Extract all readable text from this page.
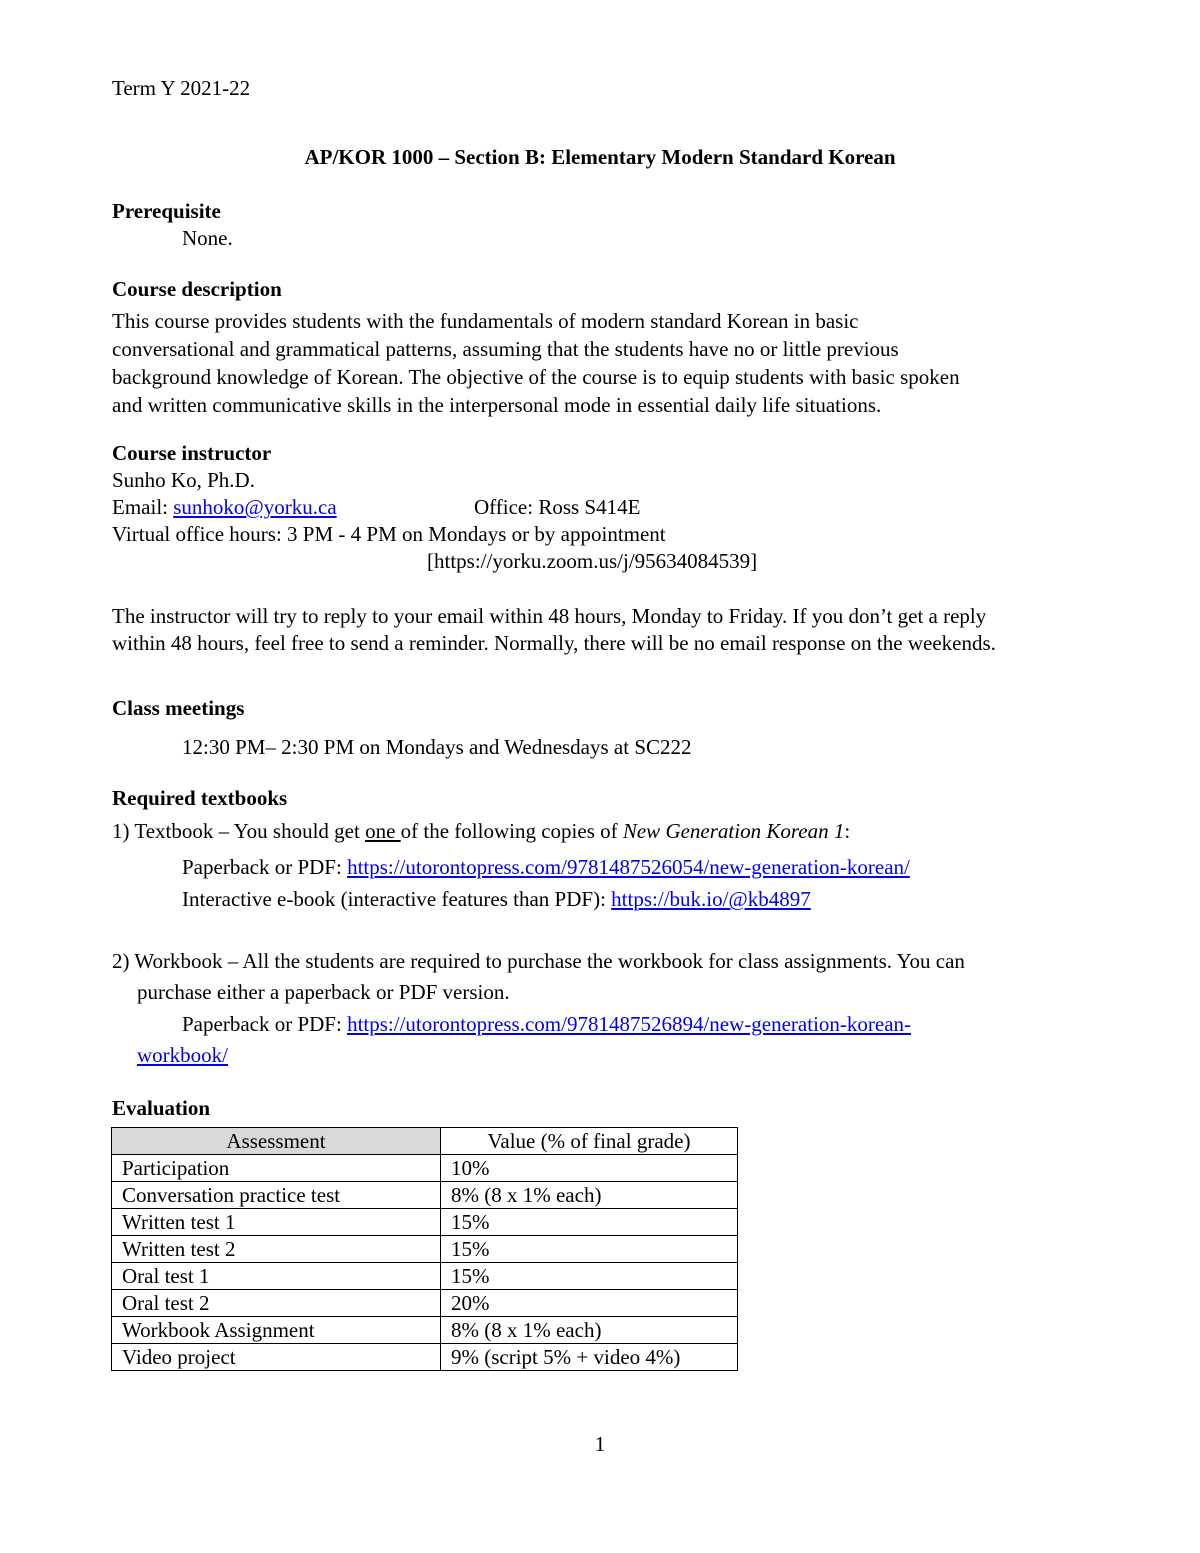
Term Y 2021-22
AP/KOR 1000 – Section B: Elementary Modern Standard Korean
Prerequisite
None.
Course description
This course provides students with the fundamentals of modern standard Korean in basic
conversational and grammatical patterns, assuming that the students have no or little previous
background knowledge of Korean. The objective of the course is to equip students with basic spoken
and written communicative skills in the interpersonal mode in essential daily life situations.
Course instructor
Sunho Ko, Ph.D.
Email: sunhoko@yorku.ca	Office: Ross S414E
Virtual office hours: 3 PM - 4 PM on Mondays or by appointment
[https://yorku.zoom.us/j/95634084539]
The instructor will try to reply to your email within 48 hours, Monday to Friday. If you don’t get a reply
within 48 hours, feel free to send a reminder. Normally, there will be no email response on the weekends.
Class meetings
12:30 PM– 2:30 PM on Mondays and Wednesdays at SC222
Required textbooks
1) Textbook – You should get one of the following copies of New Generation Korean 1:
Paperback or PDF: https://utorontopress.com/9781487526054/new-generation-korean/
Interactive e-book (interactive features than PDF): https://buk.io/@kb4897
2) Workbook – All the students are required to purchase the workbook for class assignments. You can
purchase either a paperback or PDF version.
Paperback or PDF: https://utorontopress.com/9781487526894/new-generation-korean-
workbook/
Evaluation
Assessment	Value (% of final grade)
Participation	10%
Conversation practice test	8% (8 x 1% each)
Written test 1	15%
Written test 2	15%
Oral test 1	15%
Oral test 2	20%
Workbook Assignment	8% (8 x 1% each)
Video project	9% (script 5% + video 4%)
1
